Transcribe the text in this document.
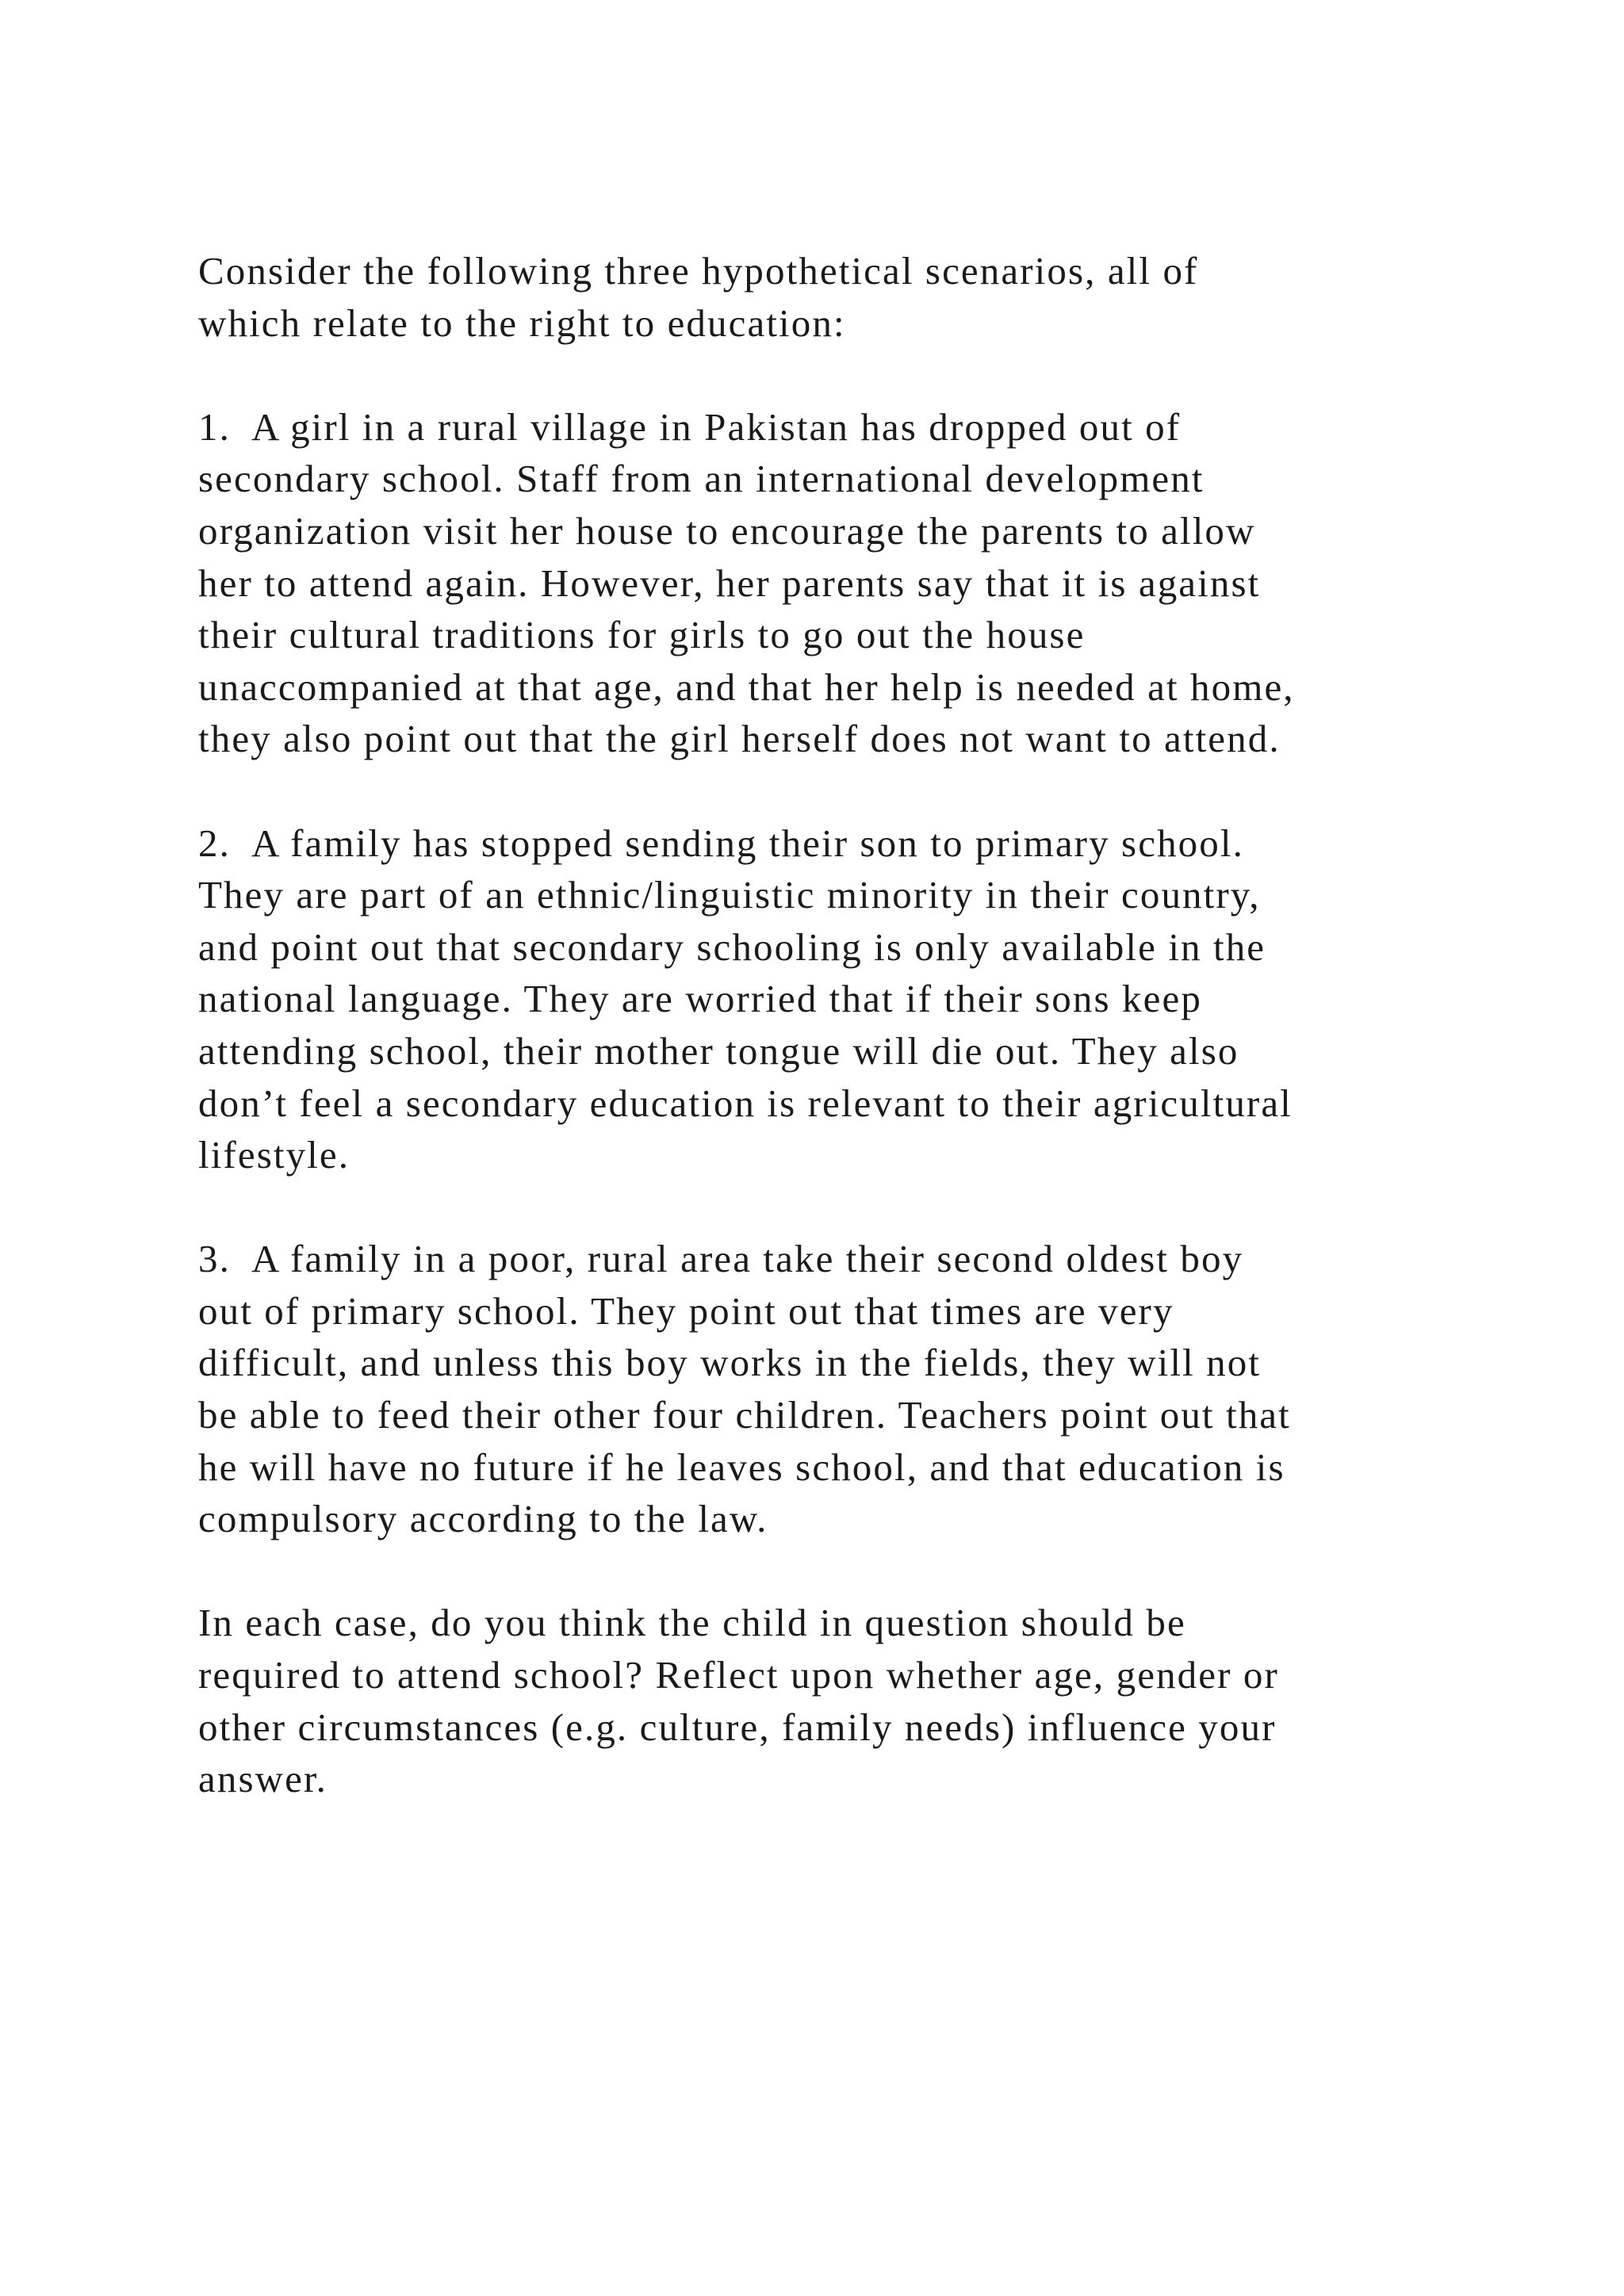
Consider the following three hypothetical scenarios, all of
which relate to the right to education:

1.  A girl in a rural village in Pakistan has dropped out of
secondary school. Staff from an international development
organization visit her house to encourage the parents to allow
her to attend again. However, her parents say that it is against
their cultural traditions for girls to go out the house
unaccompanied at that age, and that her help is needed at home,
they also point out that the girl herself does not want to attend.

2.  A family has stopped sending their son to primary school.
They are part of an ethnic/linguistic minority in their country,
and point out that secondary schooling is only available in the
national language. They are worried that if their sons keep
attending school, their mother tongue will die out. They also
don’t feel a secondary education is relevant to their agricultural
lifestyle.

3.  A family in a poor, rural area take their second oldest boy
out of primary school. They point out that times are very
difficult, and unless this boy works in the fields, they will not
be able to feed their other four children. Teachers point out that
he will have no future if he leaves school, and that education is
compulsory according to the law.

In each case, do you think the child in question should be
required to attend school? Reflect upon whether age, gender or
other circumstances (e.g. culture, family needs) influence your
answer.
